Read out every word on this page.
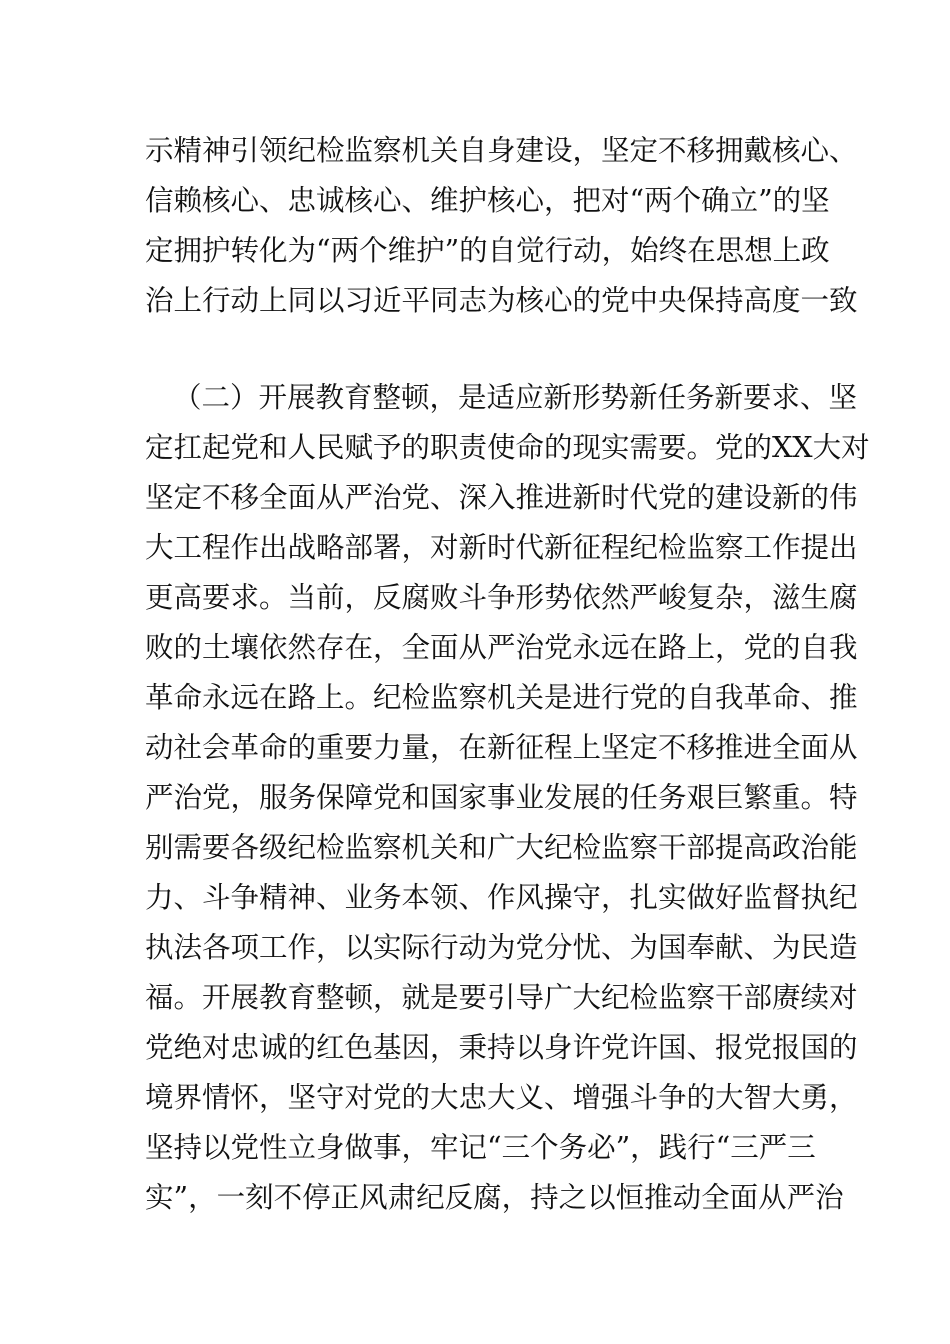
示精神引领纪检监察机关自身建设，坚定不移拥戴核心、
信赖核心、忠诚核心、维护核心，把对“两个确立”的坚
定拥护转化为“两个维护”的自觉行动，始终在思想上政
治上行动上同以习近平同志为核心的党中央保持高度一致
（二）开展教育整顿，是适应新形势新任务新要求、坚
定扛起党和人民赋予的职责使命的现实需要。党的XX大对
坚定不移全面从严治党、深入推进新时代党的建设新的伟
大工程作出战略部署，对新时代新征程纪检监察工作提出
更高要求。当前，反腐败斗争形势依然严峻复杂，滋生腐
败的土壤依然存在，全面从严治党永远在路上，党的自我
革命永远在路上。纪检监察机关是进行党的自我革命、推
动社会革命的重要力量，在新征程上坚定不移推进全面从
严治党，服务保障党和国家事业发展的任务艰巨繁重。特
别需要各级纪检监察机关和广大纪检监察干部提高政治能
力、斗争精神、业务本领、作风操守，扎实做好监督执纪
执法各项工作，以实际行动为党分忧、为国奉献、为民造
福。开展教育整顿，就是要引导广大纪检监察干部赓续对
党绝对忠诚的红色基因，秉持以身许党许国、报党报国的
境界情怀，坚守对党的大忠大义、增强斗争的大智大勇，
坚持以党性立身做事，牢记“三个务必”，践行“三严三
实”，一刻不停正风肃纪反腐，持之以恒推动全面从严治
